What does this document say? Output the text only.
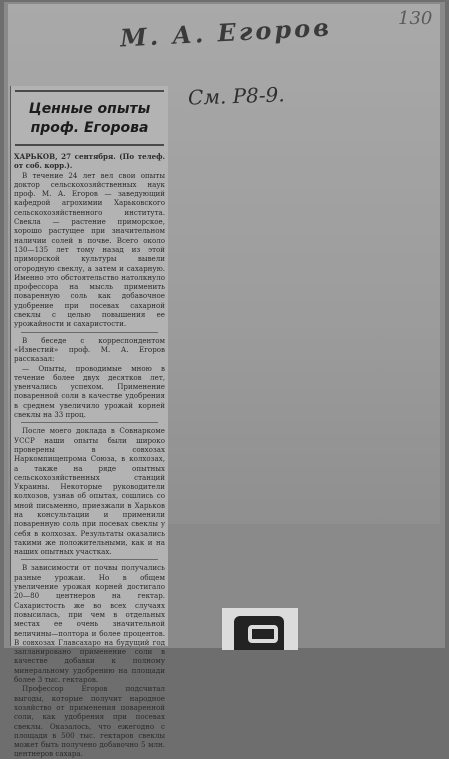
М. А. Егоров	130
См. Р8-9.
Ценные опыты
проф. Егорова

ХАРЬКОВ, 27 сентября. (По телеф. от соб. корр.).

В течение 24 лет вел свои опыты доктор сельскохозяйственных наук проф. М. А. Егоров — заведующий кафедрой агрохимии Харьковского сельскохозяйственного института. Свекла — растение приморское, хорошо растущее при значительном наличии солей в почве. Всего около 130—135 лет тому назад из этой приморской культуры вывели огородную свеклу, а затем и сахарную. Именно это обстоятельство натолкнуло профессора на мысль применить поваренную соль как добавочное удобрение при посевах сахарной свеклы с целью повышения ее урожайности и сахаристости.

В беседе с корреспондентом «Известий» проф. М. А. Егоров рассказал:

— Опыты, проводимые мною в течение более двух десятков лет, увенчались успехом. Применение поваренной соли в качестве удобрения в среднем увеличило урожай корней свеклы на 33 проц.

После моего доклада в Совнаркоме УССР наши опыты были широко проверены в совхозах Наркомпищепрома Союза, в колхозах, а также на ряде опытных сельскохозяйственных станций Украины. Некоторые руководители колхозов, узнав об опытах, сошлись со мной письменно, приезжали в Харьков на консультации и применили поваренную соль при посевах свеклы у себя в колхозах. Результаты оказались такими же положительными, как и на наших опытных участках.

В зависимости от почвы получались разные урожаи. Но в общем увеличение урожая корней достигало 20—80 центнеров на гектар. Сахаристость же во всех случаях повысилась, при чем в отдельных местах ее очень значительной величины—полтора и более процентов. В совхозах Главсахаро на будущий год запланировано применение соли в качестве добавки к полному минеральному удобрению на площади более 3 тыс. гектаров.

Профессор Егоров подсчитал выгоды, которые получит народное хозяйство от применения поваренной соли, как удобрения при посевах свеклы. Оказалось, что ежегодно с площади в 500 тыс. гектаров свеклы может быть получено добавочно 5 млн. центнеров сахара.
